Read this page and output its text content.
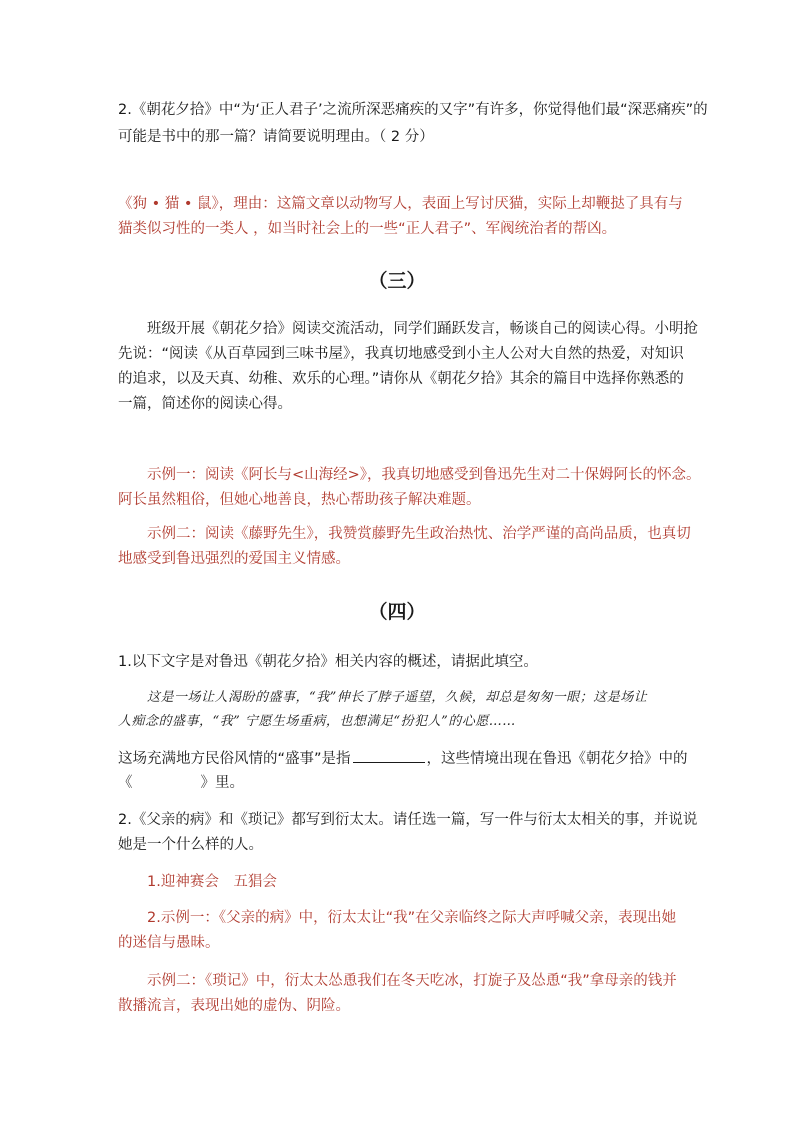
2.《朝花夕拾》中“为‘正人君子’之流所深恶痛疾的又字”有许多，你觉得他们最“深恶痛疾”的
可能是书中的那一篇？请简要说明理由。（ 2 分）
《狗 • 猫 • 鼠》，理由：这篇文章以动物写人，表面上写讨厌猫，实际上却鞭挞了具有与
猫类似习性的一类人 ，如当时社会上的一些“正人君子”、军阀统治者的帮凶。
（三）
班级开展《朝花夕拾》阅读交流活动，同学们踊跃发言，畅谈自己的阅读心得。小明抢
先说：“阅读《从百草园到三味书屋》，我真切地感受到小主人公对大自然的热爱，对知识
的追求，以及天真、幼稚、欢乐的心理。”请你从《朝花夕拾》其余的篇目中选择你熟悉的
一篇，简述你的阅读心得。
示例一：阅读《阿长与<山海经>》，我真切地感受到鲁迅先生对二十保姆阿长的怀念。
阿长虽然粗俗，但她心地善良，热心帮助孩子解决难题。
示例二：阅读《藤野先生》，我赞赏藤野先生政治热忱、治学严谨的高尚品质，也真切
地感受到鲁迅强烈的爱国主义情感。
（四）
1.以下文字是对鲁迅《朝花夕拾》相关内容的概述，请据此填空。
这是一场让人渴盼的盛事，“我”伸长了脖子遥望，久候，却总是匆匆一眼；这是场让
人痴念的盛事，“我” 宁愿生场重病，也想满足“扮犯人”的心愿……
这场充满地方民俗风情的“盛事”是指	，这些情境出现在鲁迅《朝花夕拾》中的
《	》里。
2.《父亲的病》和《琐记》都写到衍太太。请任选一篇，写一件与衍太太相关的事，并说说
她是一个什么样的人。
1.迎神赛会　五猖会
2.示例一：《父亲的病》中，衍太太让“我”在父亲临终之际大声呼喊父亲，表现出她
的迷信与愚昧。
示例二：《琐记》中，衍太太怂恿我们在冬天吃冰，打旋子及怂恿“我”拿母亲的钱并
散播流言，表现出她的虚伪、阴险。
